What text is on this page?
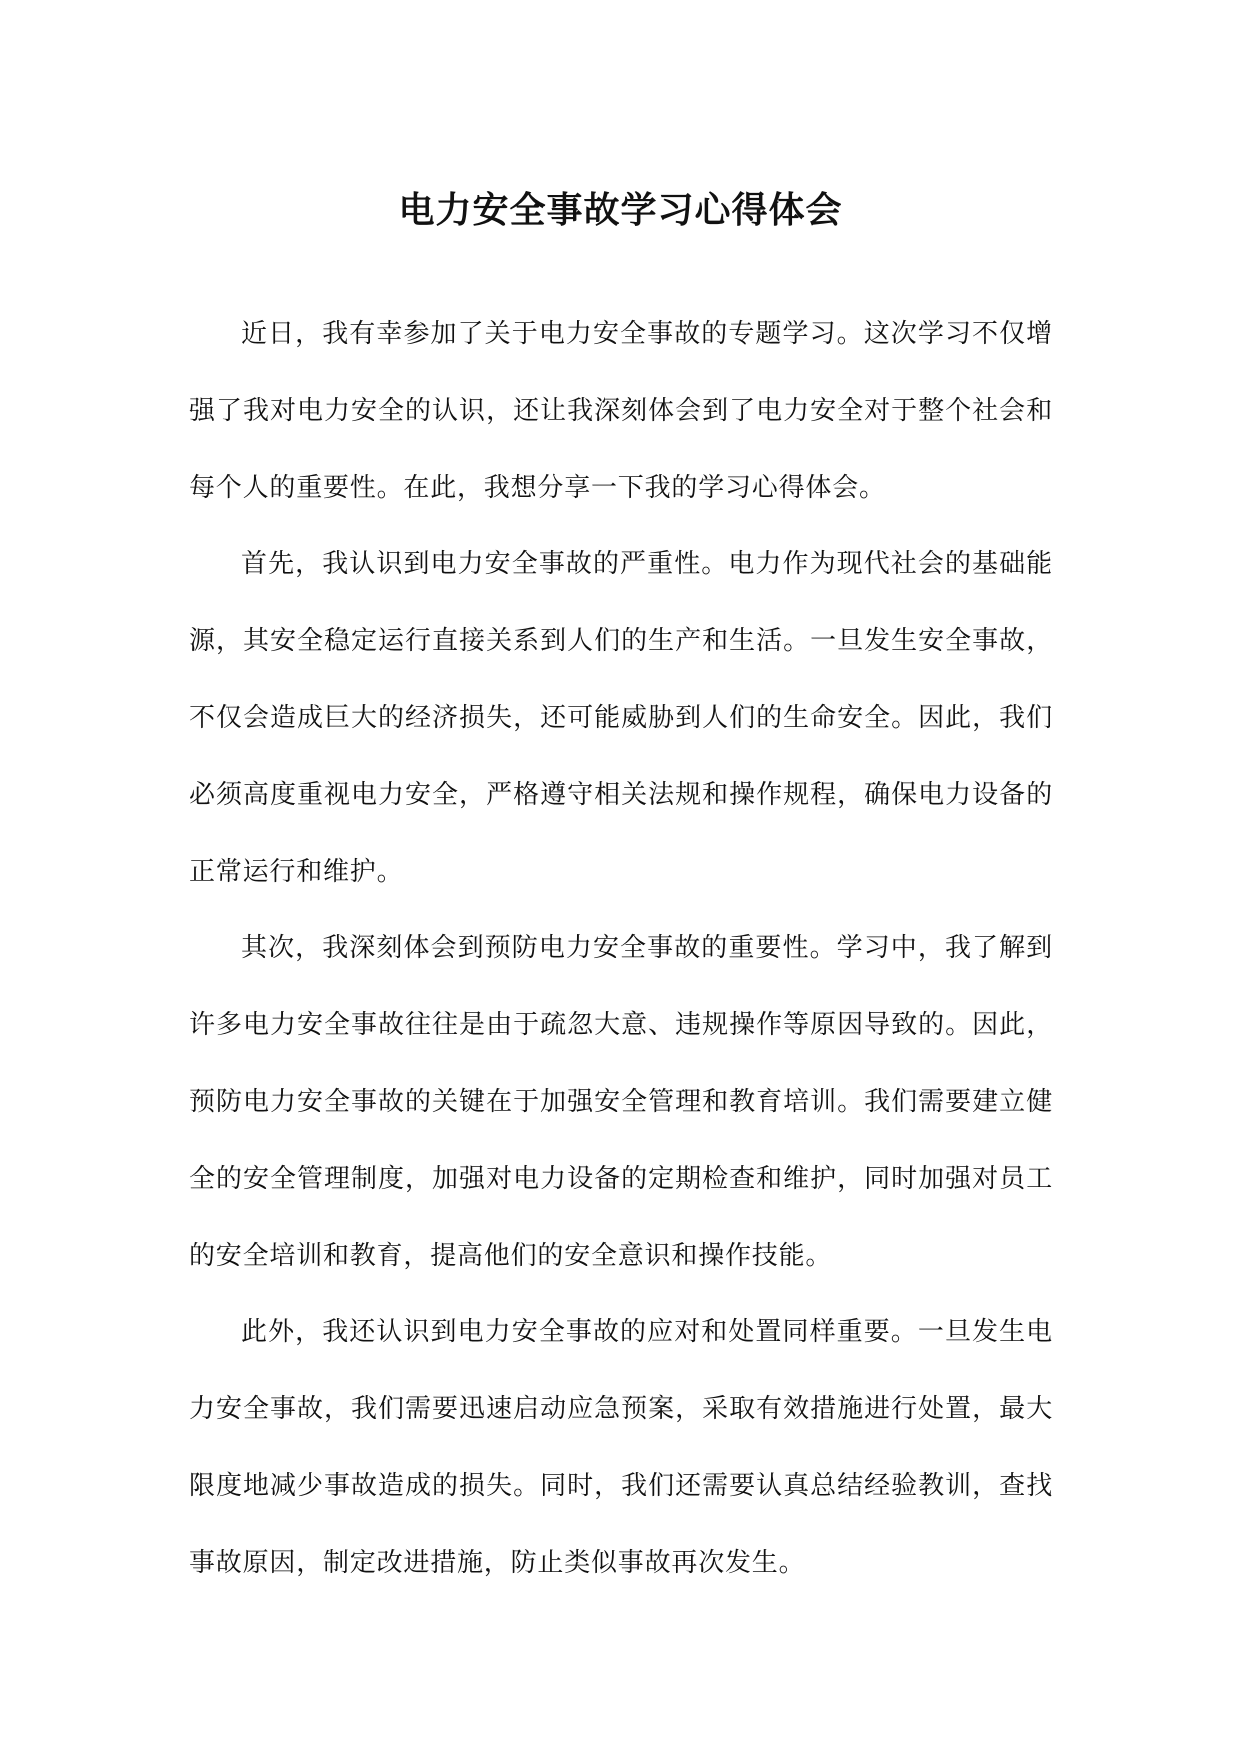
电力安全事故学习心得体会

近日，我有幸参加了关于电力安全事故的专题学习。这次学习不仅增强了我对电力安全的认识，还让我深刻体会到了电力安全对于整个社会和每个人的重要性。在此，我想分享一下我的学习心得体会。

首先，我认识到电力安全事故的严重性。电力作为现代社会的基础能源，其安全稳定运行直接关系到人们的生产和生活。一旦发生安全事故，不仅会造成巨大的经济损失，还可能威胁到人们的生命安全。因此，我们必须高度重视电力安全，严格遵守相关法规和操作规程，确保电力设备的正常运行和维护。

其次，我深刻体会到预防电力安全事故的重要性。学习中，我了解到许多电力安全事故往往是由于疏忽大意、违规操作等原因导致的。因此，预防电力安全事故的关键在于加强安全管理和教育培训。我们需要建立健全的安全管理制度，加强对电力设备的定期检查和维护，同时加强对员工的安全培训和教育，提高他们的安全意识和操作技能。

此外，我还认识到电力安全事故的应对和处置同样重要。一旦发生电力安全事故，我们需要迅速启动应急预案，采取有效措施进行处置，最大限度地减少事故造成的损失。同时，我们还需要认真总结经验教训，查找事故原因，制定改进措施，防止类似事故再次发生。
